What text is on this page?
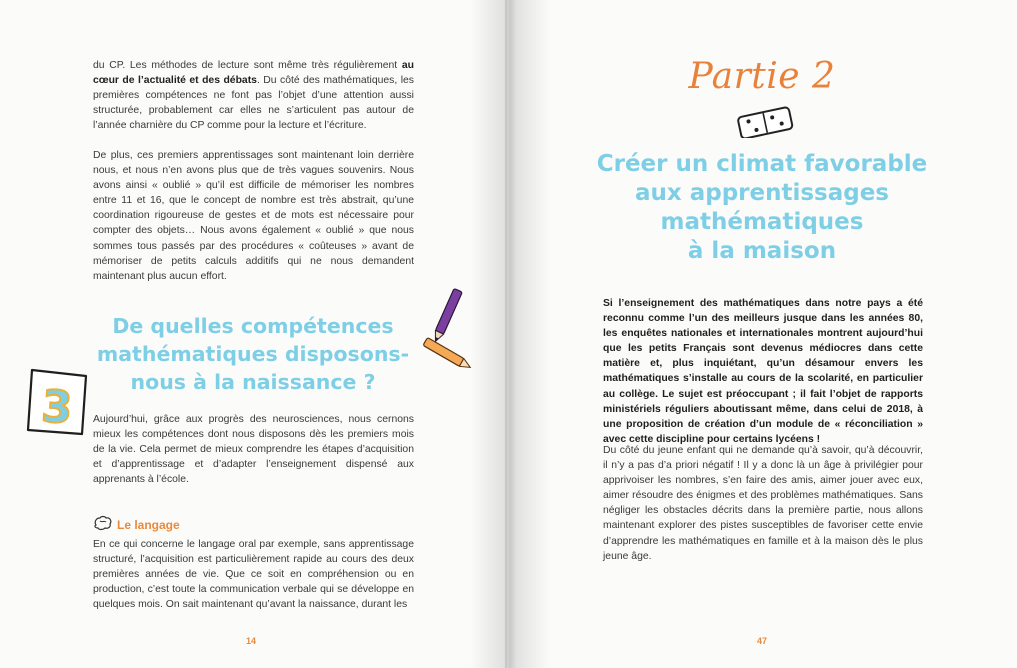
du CP. Les méthodes de lecture sont même très régulièrement au cœur de l’actualité et des débats. Du côté des mathématiques, les premières compétences ne font pas l’objet d’une attention aussi structurée, probablement car elles ne s’articulent pas autour de l’année charnière du CP comme pour la lecture et l’écriture.

De plus, ces premiers apprentissages sont maintenant loin derrière nous, et nous n’en avons plus que de très vagues souvenirs. Nous avons ainsi « oublié » qu’il est difficile de mémoriser les nombres entre 11 et 16, que le concept de nombre est très abstrait, qu’une coordination rigoureuse de gestes et de mots est nécessaire pour compter des objets… Nous avons également « oublié » que nous sommes tous passés par des procédures « coûteuses » avant de mémoriser de petits calculs additifs qui ne nous demandent maintenant plus aucun effort.

De quelles compétences
mathématiques disposons-
nous à la naissance ?
3 Aujourd’hui, grâce aux progrès des neurosciences, nous cernons mieux les compétences dont nous disposons dès les premiers mois de la vie. Cela permet de mieux comprendre les étapes d’acquisition et d’apprentissage et d’adapter l’enseignement dispensé aux apprenants à l’école.

Le langage

En ce qui concerne le langage oral par exemple, sans apprentissage structuré, l’acquisition est particulièrement rapide au cours des deux premières années de vie. Que ce soit en compréhension ou en production, c’est toute la communication verbale qui se développe en quelques mois. On sait maintenant qu’avant la naissance, durant les

14
Partie 2
Créer un climat favorable
aux apprentissages
mathématiques
à la maison

Si l’enseignement des mathématiques dans notre pays a été reconnu comme l’un des meilleurs jusque dans les années 80, les enquêtes nationales et internationales montrent aujourd’hui que les petits Français sont devenus médiocres dans cette matière et, plus inquiétant, qu’un désamour envers les mathématiques s’installe au cours de la scolarité, en particulier au collège. Le sujet est préoccupant ; il fait l’objet de rapports ministériels réguliers aboutissant même, dans celui de 2018, à une proposition de création d’un module de « réconciliation » avec cette discipline pour certains lycéens !

Du côté du jeune enfant qui ne demande qu’à savoir, qu’à découvrir, il n’y a pas d’a priori négatif ! Il y a donc là un âge à privilégier pour apprivoiser les nombres, s’en faire des amis, aimer jouer avec eux, aimer résoudre des énigmes et des problèmes mathématiques. Sans négliger les obstacles décrits dans la première partie, nous allons maintenant explorer des pistes susceptibles de favoriser cette envie d’apprendre les mathématiques en famille et à la maison dès le plus jeune âge.

47
